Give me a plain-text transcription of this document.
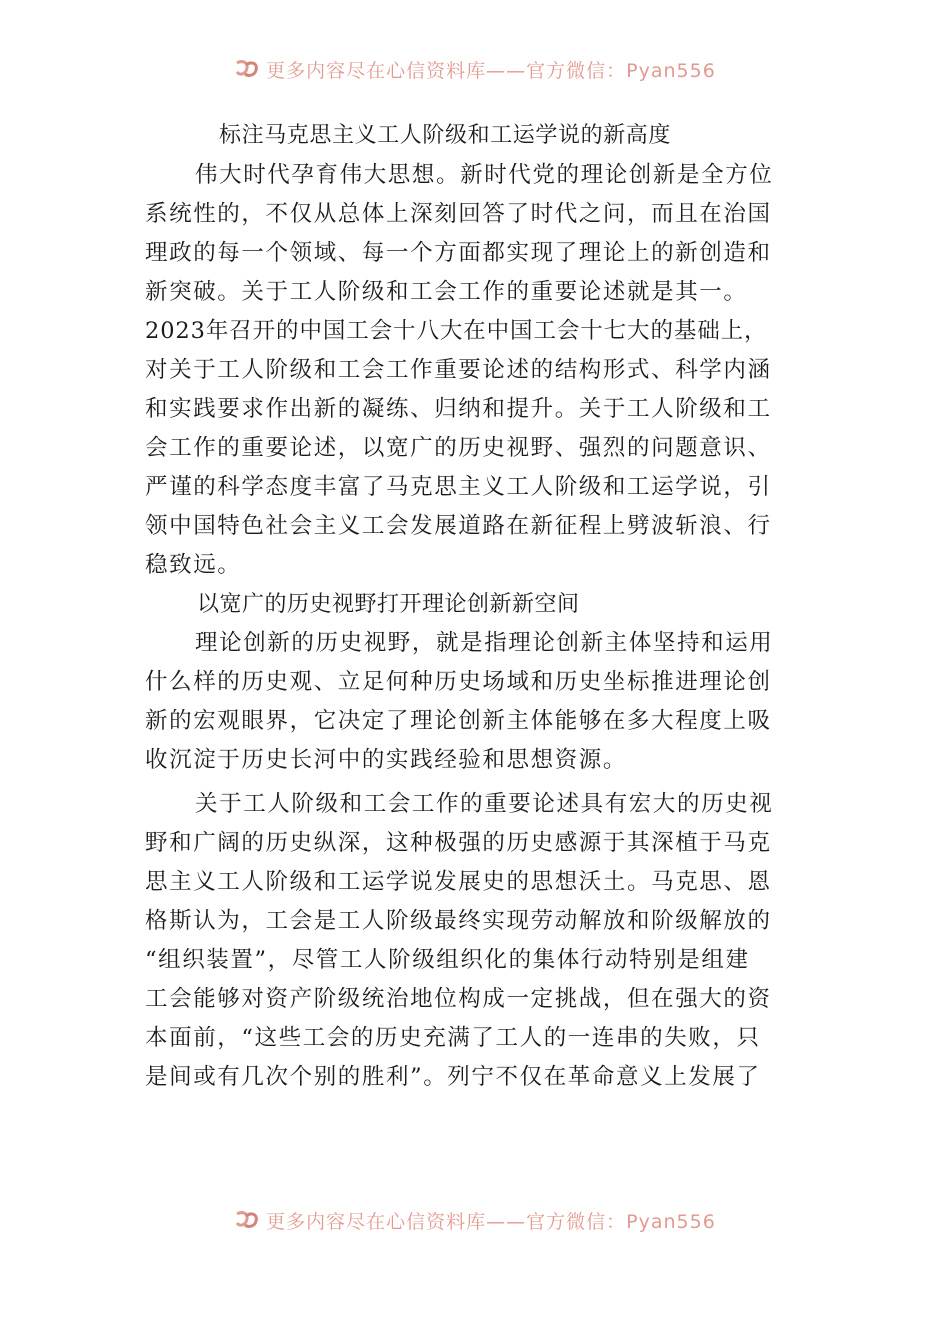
更多内容尽在心信资料库——官方微信：Pyan556
标注马克思主义工人阶级和工运学说的新高度
伟大时代孕育伟大思想。新时代党的理论创新是全方位
系统性的，不仅从总体上深刻回答了时代之问，而且在治国
理政的每一个领域、每一个方面都实现了理论上的新创造和
新突破。关于工人阶级和工会工作的重要论述就是其一。
2023年召开的中国工会十八大在中国工会十七大的基础上，
对关于工人阶级和工会工作重要论述的结构形式、科学内涵
和实践要求作出新的凝练、归纳和提升。关于工人阶级和工
会工作的重要论述，以宽广的历史视野、强烈的问题意识、
严谨的科学态度丰富了马克思主义工人阶级和工运学说，引
领中国特色社会主义工会发展道路在新征程上劈波斩浪、行
稳致远。
以宽广的历史视野打开理论创新新空间
理论创新的历史视野，就是指理论创新主体坚持和运用
什么样的历史观、立足何种历史场域和历史坐标推进理论创
新的宏观眼界，它决定了理论创新主体能够在多大程度上吸
收沉淀于历史长河中的实践经验和思想资源。
关于工人阶级和工会工作的重要论述具有宏大的历史视
野和广阔的历史纵深，这种极强的历史感源于其深植于马克
思主义工人阶级和工运学说发展史的思想沃土。马克思、恩
格斯认为，工会是工人阶级最终实现劳动解放和阶级解放的
“组织装置”，尽管工人阶级组织化的集体行动特别是组建
工会能够对资产阶级统治地位构成一定挑战，但在强大的资
本面前，“这些工会的历史充满了工人的一连串的失败，只
是间或有几次个别的胜利”。列宁不仅在革命意义上发展了
更多内容尽在心信资料库——官方微信：Pyan556
